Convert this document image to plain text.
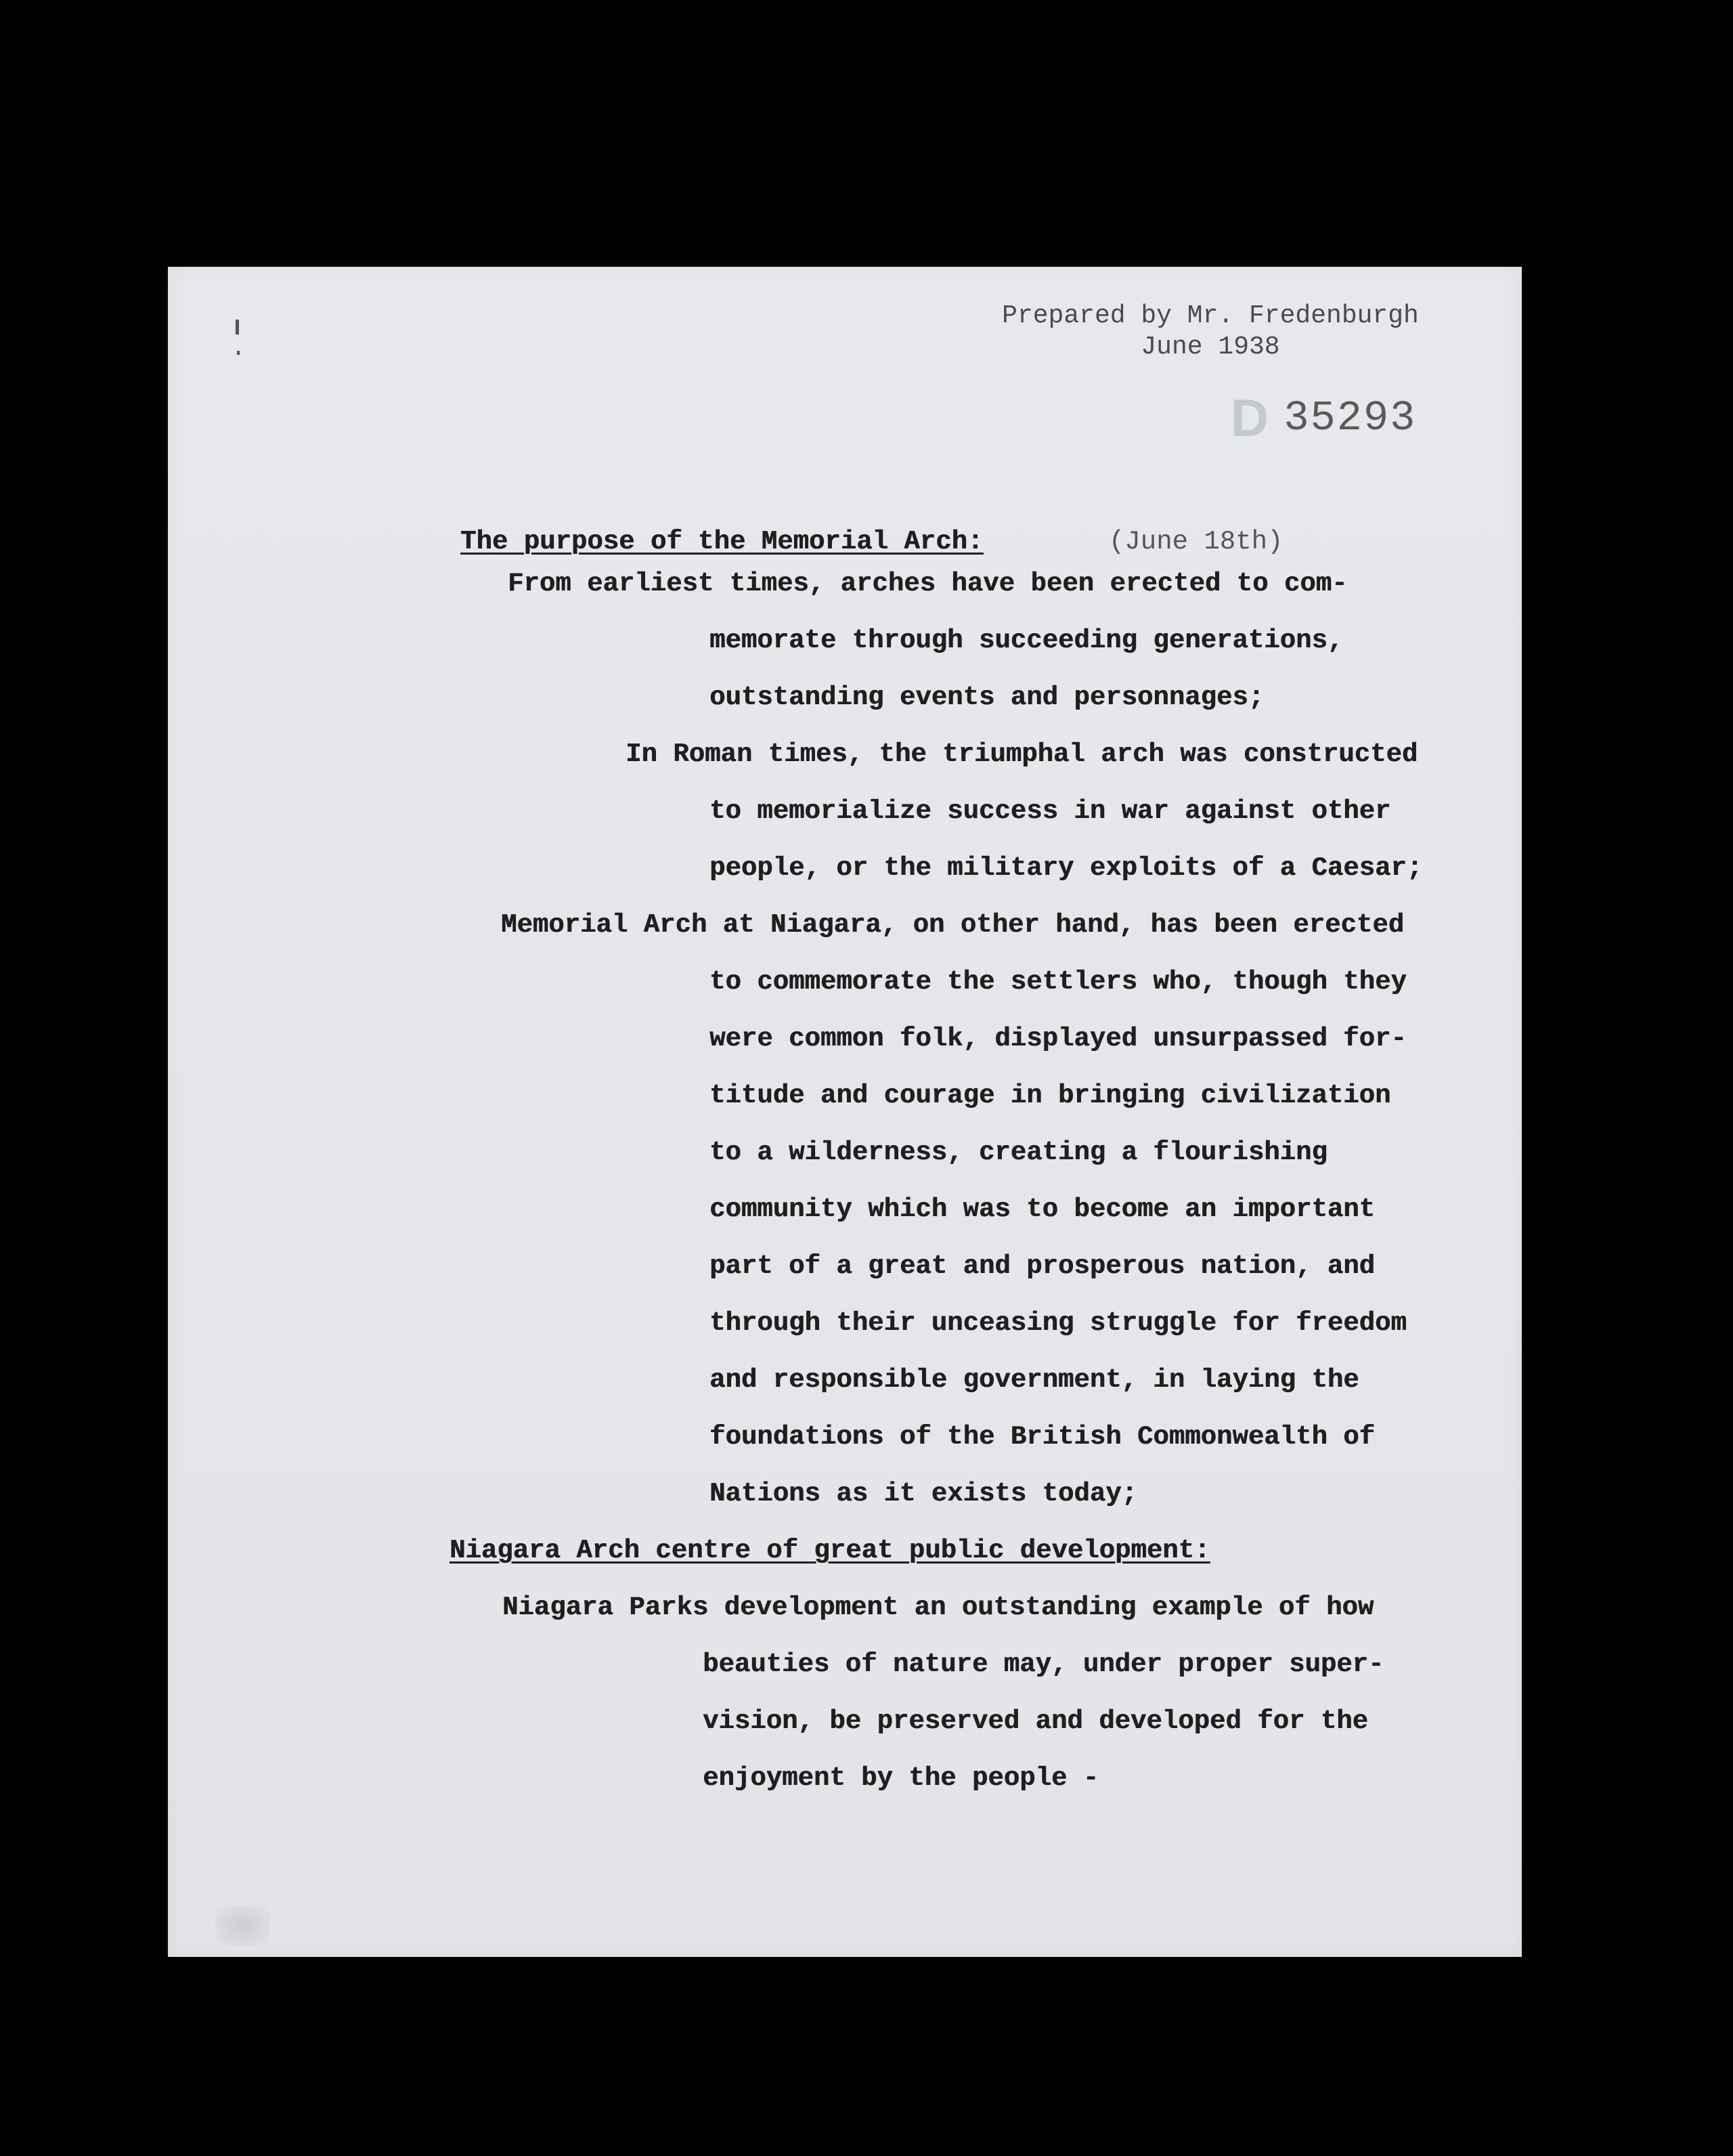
Prepared by Mr. Fredenburgh
June 1938
D 35293
The purpose of the Memorial Arch:	(June 18th)
From earliest times, arches have been erected to com-
memorate through succeeding generations,
outstanding events and personnages;
In Roman times, the triumphal arch was constructed
to memorialize success in war against other
people, or the military exploits of a Caesar;
Memorial Arch at Niagara, on other hand, has been erected
to commemorate the settlers who, though they
were common folk, displayed unsurpassed for-
titude and courage in bringing civilization
to a wilderness, creating a flourishing
community which was to become an important
part of a great and prosperous nation, and
through their unceasing struggle for freedom
and responsible government, in laying the
foundations of the British Commonwealth of
Nations as it exists today;
Niagara Arch centre of great public development:
Niagara Parks development an outstanding example of how
beauties of nature may, under proper super-
vision, be preserved and developed for the
enjoyment by the people -
